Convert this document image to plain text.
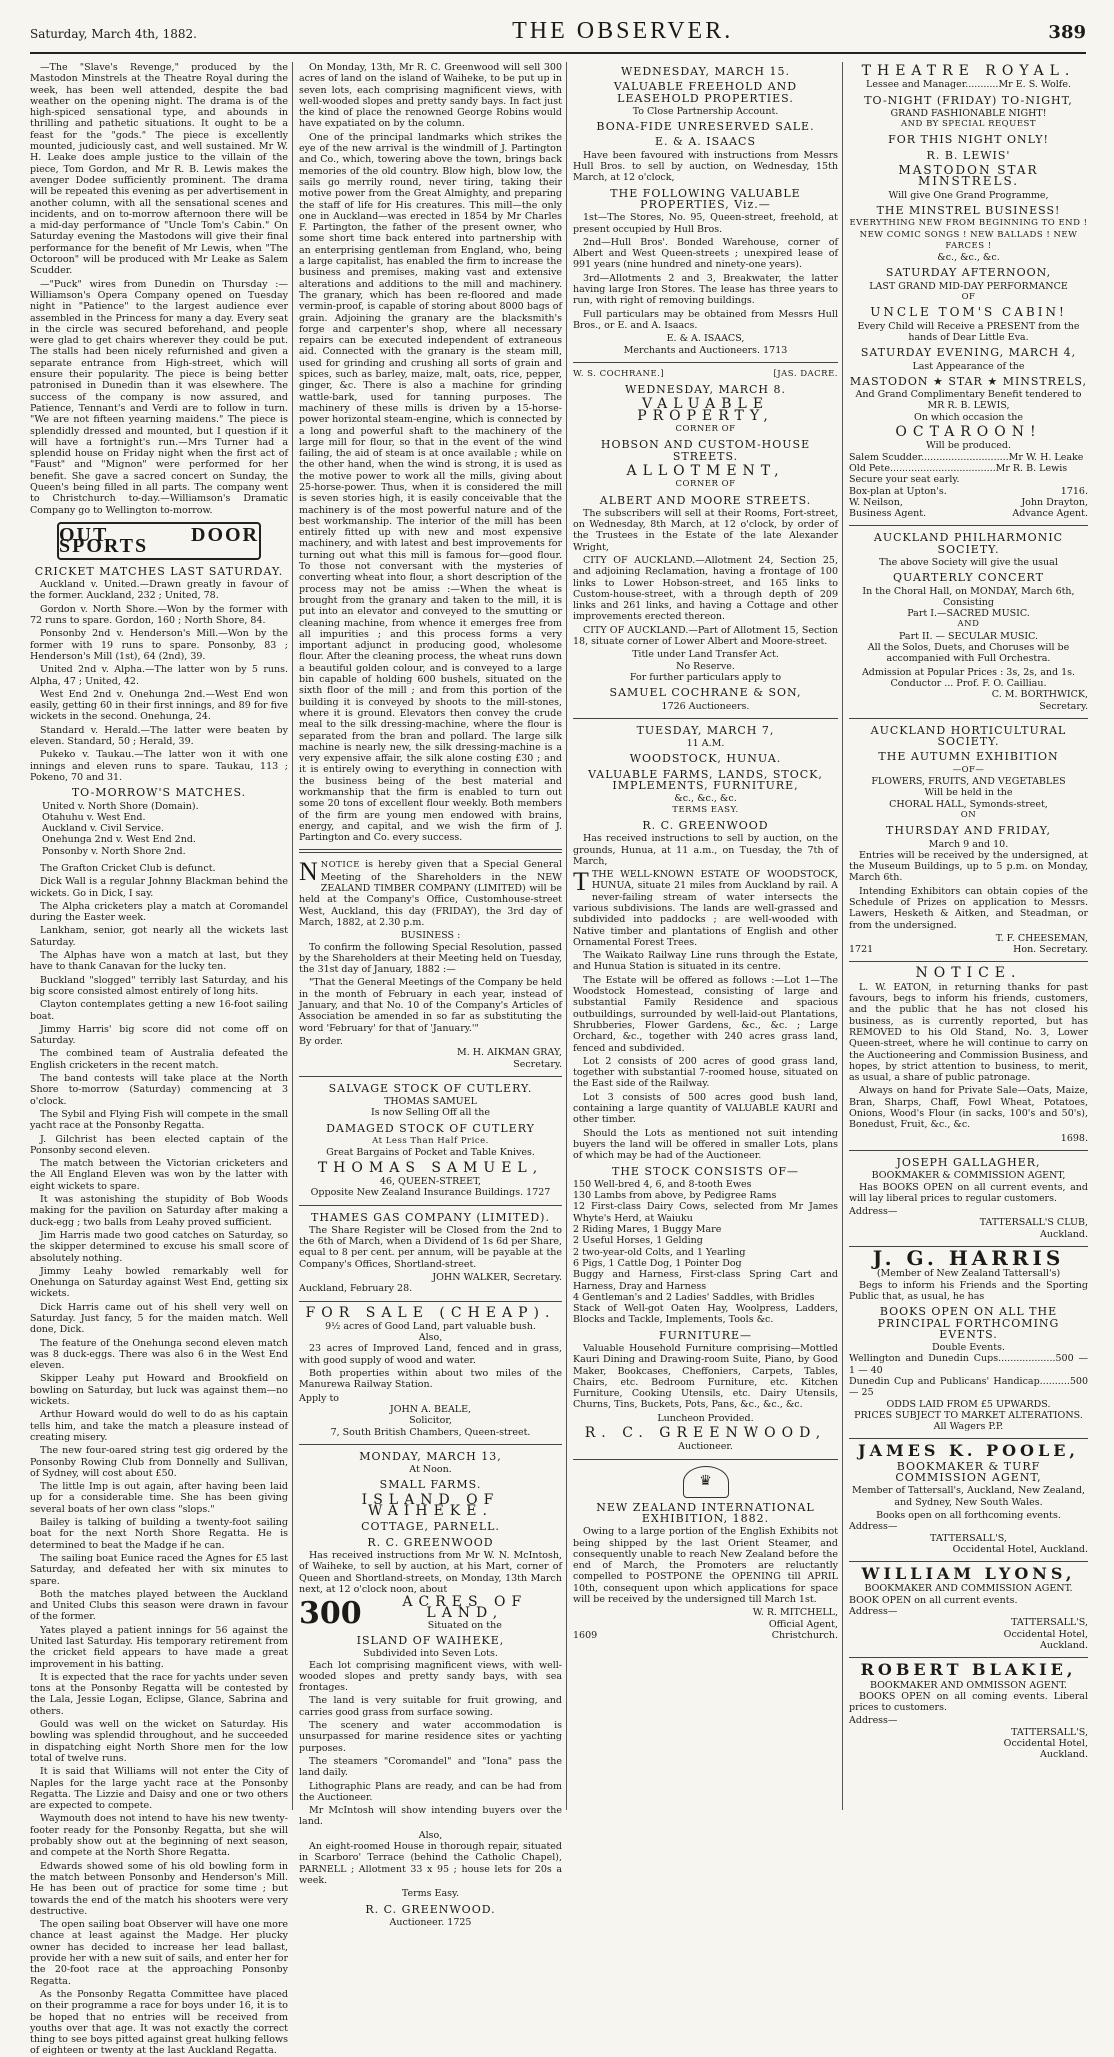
Saturday, March 4th, 1882.	THE OBSERVER.	389

—The "Slave's Revenge," produced by the Mastodon Minstrels at the Theatre Royal during the week, has been well attended, despite the bad weather on the opening night. The drama is of the high-spiced sensational type, and abounds in thrilling and pathetic situations. It ought to be a feast for the "gods." The piece is excellently mounted, judiciously cast, and well sustained. Mr W. H. Leake does ample justice to the villain of the piece, Tom Gordon, and Mr R. B. Lewis makes the avenger Dodee sufficiently prominent. The drama will be repeated this evening as per advertisement in another column, with all the sensational scenes and incidents, and on to-morrow afternoon there will be a mid-day performance of "Uncle Tom's Cabin." On Saturday evening the Mastodons will give their final performance for the benefit of Mr Lewis, when "The Octoroon" will be produced with Mr Leake as Salem Scudder.

—"Puck" wires from Dunedin on Thursday :—Williamson's Opera Company opened on Tuesday night in "Patience" to the largest audience ever assembled in the Princess for many a day. Every seat in the circle was secured beforehand, and people were glad to get chairs wherever they could be put. The stalls had been nicely refurnished and given a separate entrance from High-street, which will ensure their popularity. The piece is being better patronised in Dunedin than it was elsewhere. The success of the company is now assured, and Patience, Tennant's and Verdi are to follow in turn. "We are not fifteen yearning maidens." The piece is splendidly dressed and mounted, but I question if it will have a fortnight's run.—Mrs Turner had a splendid house on Friday night when the first act of "Faust" and "Mignon" were performed for her benefit. She gave a sacred concert on Sunday, the Queen's being filled in all parts. The company went to Christchurch to-day.—Williamson's Dramatic Company go to Wellington to-morrow.

OUT DOOR SPORTS
CRICKET MATCHES LAST SATURDAY.

Auckland v. United.—Drawn greatly in favour of the former. Auckland, 232 ; United, 78.

Gordon v. North Shore.—Won by the former with 72 runs to spare. Gordon, 160 ; North Shore, 84.

Ponsonby 2nd v. Henderson's Mill.—Won by the former with 19 runs to spare. Ponsonby, 83 ; Henderson's Mill (1st), 64 (2nd), 39.

United 2nd v. Alpha.—The latter won by 5 runs. Alpha, 47 ; United, 42.

West End 2nd v. Onehunga 2nd.—West End won easily, getting 60 in their first innings, and 89 for five wickets in the second. Onehunga, 24.

Standard v. Herald.—The latter were beaten by eleven. Standard, 50 ; Herald, 39.

Pukeko v. Taukau.—The latter won it with one innings and eleven runs to spare. Taukau, 113 ; Pokeno, 70 and 31.

TO-MORROW'S MATCHES.
United v. North Shore (Domain).
Otahuhu v. West End.
Auckland v. Civil Service.
Onehunga 2nd v. West End 2nd.
Ponsonby v. North Shore 2nd.

The Grafton Cricket Club is defunct.

Dick Wall is a regular Johnny Blackman behind the wickets. Go in Dick, I say.

The Alpha cricketers play a match at Coromandel during the Easter week.

Lankham, senior, got nearly all the wickets last Saturday.

The Alphas have won a match at last, but they have to thank Canavan for the lucky ten.

Buckland "slogged" terribly last Saturday, and his big score consisted almost entirely of long hits.

Clayton contemplates getting a new 16-foot sailing boat.

Jimmy Harris' big score did not come off on Saturday.

The combined team of Australia defeated the English cricketers in the recent match.

The band contests will take place at the North Shore to-morrow (Saturday) commencing at 3 o'clock.

The Sybil and Flying Fish will compete in the small yacht race at the Ponsonby Regatta.

J. Gilchrist has been elected captain of the Ponsonby second eleven.

The match between the Victorian cricketers and the All England Eleven was won by the latter with eight wickets to spare.

It was astonishing the stupidity of Bob Woods making for the pavilion on Saturday after making a duck-egg ; two balls from Leahy proved sufficient.

Jim Harris made two good catches on Saturday, so the skipper determined to excuse his small score of absolutely nothing.

Jimmy Leahy bowled remarkably well for Onehunga on Saturday against West End, getting six wickets.

Dick Harris came out of his shell very well on Saturday. Just fancy, 5 for the maiden match. Well done, Dick.

The feature of the Onehunga second eleven match was 8 duck-eggs. There was also 6 in the West End eleven.

Skipper Leahy put Howard and Brookfield on bowling on Saturday, but luck was against them—no wickets.

Arthur Howard would do well to do as his captain tells him, and take the match a pleasure instead of creating misery.

The new four-oared string test gig ordered by the Ponsonby Rowing Club from Donnelly and Sullivan, of Sydney, will cost about £50.

The little Imp is out again, after having been laid up for a considerable time. She has been giving several boats of her own class "slops."

Bailey is talking of building a twenty-foot sailing boat for the next North Shore Regatta. He is determined to beat the Madge if he can.

The sailing boat Eunice raced the Agnes for £5 last Saturday, and defeated her with six minutes to spare.

Both the matches played between the Auckland and United Clubs this season were drawn in favour of the former.

Yates played a patient innings for 56 against the United last Saturday. His temporary retirement from the cricket field appears to have made a great improvement in his batting.

It is expected that the race for yachts under seven tons at the Ponsonby Regatta will be contested by the Lala, Jessie Logan, Eclipse, Glance, Sabrina and others.

Gould was well on the wicket on Saturday. His bowling was splendid throughout, and he succeeded in dispatching eight North Shore men for the low total of twelve runs.

It is said that Williams will not enter the City of Naples for the large yacht race at the Ponsonby Regatta. The Lizzie and Daisy and one or two others are expected to compete.

Waymouth does not intend to have his new twenty-footer ready for the Ponsonby Regatta, but she will probably show out at the beginning of next season, and compete at the North Shore Regatta.

Edwards showed some of his old bowling form in the match between Ponsonby and Henderson's Mill. He has been out of practice for some time ; but towards the end of the match his shooters were very destructive.

The open sailing boat Observer will have one more chance at least against the Madge. Her plucky owner has decided to increase her lead ballast, provide her with a new suit of sails, and enter her for the 20-foot race at the approaching Ponsonby Regatta.

As the Ponsonby Regatta Committee have placed on their programme a race for boys under 16, it is to be hoped that no entries will be received from youths over that age. It was not exactly the correct thing to see boys pitted against great hulking fellows of eighteen or twenty at the last Auckland Regatta.

On Monday, 13th, Mr R. C. Greenwood will sell 300 acres of land on the island of Waiheke, to be put up in seven lots, each comprising magnificent views, with well-wooded slopes and pretty sandy bays. In fact just the kind of place the renowned George Robins would have expatiated on by the column.

One of the principal landmarks which strikes the eye of the new arrival is the windmill of J. Partington and Co., which, towering above the town, brings back memories of the old country. Blow high, blow low, the sails go merrily round, never tiring, taking their motive power from the Great Almighty, and preparing the staff of life for His creatures. This mill—the only one in Auckland—was erected in 1854 by Mr Charles F. Partington, the father of the present owner, who some short time back entered into partnership with an enterprising gentleman from England, who, being a large capitalist, has enabled the firm to increase the business and premises, making vast and extensive alterations and additions to the mill and machinery. The granary, which has been re-floored and made vermin-proof, is capable of storing about 8000 bags of grain. Adjoining the granary are the blacksmith's forge and carpenter's shop, where all necessary repairs can be executed independent of extraneous aid. Connected with the granary is the steam mill, used for grinding and crushing all sorts of grain and spices, such as barley, maize, malt, oats, rice, pepper, ginger, &c. There is also a machine for grinding wattle-bark, used for tanning purposes. The machinery of these mills is driven by a 15-horse-power horizontal steam-engine, which is connected by a long and powerful shaft to the machinery of the large mill for flour, so that in the event of the wind failing, the aid of steam is at once available ; while on the other hand, when the wind is strong, it is used as the motive power to work all the mills, giving about 25-horse-power. Thus, when it is considered the mill is seven stories high, it is easily conceivable that the machinery is of the most powerful nature and of the best workmanship. The interior of the mill has been entirely fitted up with new and most expensive machinery, and with latest and best improvements for turning out what this mill is famous for—good flour. To those not conversant with the mysteries of converting wheat into flour, a short description of the process may not be amiss :—When the wheat is brought from the granary and taken to the mill, it is put into an elevator and conveyed to the smutting or cleaning machine, from whence it emerges free from all impurities ; and this process forms a very important adjunct in producing good, wholesome flour. After the cleaning process, the wheat runs down a beautiful golden colour, and is conveyed to a large bin capable of holding 600 bushels, situated on the sixth floor of the mill ; and from this portion of the building it is conveyed by shoots to the mill-stones, where it is ground. Elevators then convey the crude meal to the silk dressing-machine, where the flour is separated from the bran and pollard. The large silk machine is nearly new, the silk dressing-machine is a very expensive affair, the silk alone costing £30 ; and it is entirely owing to everything in connection with the business being of the best material and workmanship that the firm is enabled to turn out some 20 tons of excellent flour weekly. Both members of the firm are young men endowed with brains, energy, and capital, and we wish the firm of J. Partington and Co. every success.

NNOTICE is hereby given that a Special General Meeting of the Shareholders in the NEW ZEALAND TIMBER COMPANY (LIMITED) will be held at the Company's Office, Customhouse-street West, Auckland, this day (FRIDAY), the 3rd day of March, 1882, at 2.30 p.m.

BUSINESS :

To confirm the following Special Resolution, passed by the Shareholders at their Meeting held on Tuesday, the 31st day of January, 1882 :—

"That the General Meetings of the Company be held in the month of February in each year, instead of January, and that No. 10 of the Company's Articles of Association be amended in so far as substituting the word 'February' for that of 'January.'"

By order.
M. H. AIKMAN GRAY,
Secretary.
SALVAGE STOCK OF CUTLERY.
THOMAS SAMUEL
Is now Selling Off all the
DAMAGED STOCK OF CUTLERY
At Less Than Half Price.
Great Bargains of Pocket and Table Knives.
THOMAS SAMUEL,
46, QUEEN-STREET,
Opposite New Zealand Insurance Buildings. 1727
THAMES GAS COMPANY (LIMITED).

The Share Register will be Closed from the 2nd to the 6th of March, when a Dividend of 1s 6d per Share, equal to 8 per cent. per annum, will be payable at the Company's Offices, Shortland-street.

JOHN WALKER, Secretary.
Auckland, February 28.
FOR SALE (CHEAP).
9½ acres of Good Land, part valuable bush.
Also,

23 acres of Improved Land, fenced and in grass, with good supply of wood and water.

Both properties within about two miles of the Manurewa Railway Station.

Apply to
JOHN A. BEALE,
Solicitor,
7, South British Chambers, Queen-street.
MONDAY, MARCH 13,
At Noon.
SMALL FARMS.
ISLAND OF WAIHEKE.
COTTAGE, PARNELL.
R. C. GREENWOOD

Has received instructions from Mr W. N. McIntosh, of Waiheke, to sell by auction, at his Mart, corner of Queen and Shortland-streets, on Monday, 13th March next, at 12 o'clock noon, about

300	ACRES OF LAND,
Situated on the
ISLAND OF WAIHEKE,
Subdivided into Seven Lots.

Each lot comprising magnificent views, with well-wooded slopes and pretty sandy bays, with sea frontages.

The land is very suitable for fruit growing, and carries good grass from surface sowing.

The scenery and water accommodation is unsurpassed for marine residence sites or yachting purposes.

The steamers "Coromandel" and "Iona" pass the land daily.

Lithographic Plans are ready, and can be had from the Auctioneer.

Mr McIntosh will show intending buyers over the land.

Also,

An eight-roomed House in thorough repair, situated in Scarboro' Terrace (behind the Catholic Chapel), PARNELL ; Allotment 33 x 95 ; house lets for 20s a week.

Terms Easy.
R. C. GREENWOOD.
Auctioneer. 1725
WEDNESDAY, MARCH 15.
VALUABLE FREEHOLD AND LEASEHOLD PROPERTIES.
To Close Partnership Account.
BONA-FIDE UNRESERVED SALE.
E. & A. ISAACS

Have been favoured with instructions from Messrs Hull Bros. to sell by auction, on Wednesday, 15th March, at 12 o'clock,

THE FOLLOWING VALUABLE PROPERTIES, Viz.—

1st—The Stores, No. 95, Queen-street, freehold, at present occupied by Hull Bros.

2nd—Hull Bros'. Bonded Warehouse, corner of Albert and West Queen-streets ; unexpired lease of 991 years (nine hundred and ninety-one years).

3rd—Allotments 2 and 3, Breakwater, the latter having large Iron Stores. The lease has three years to run, with right of removing buildings.

Full particulars may be obtained from Messrs Hull Bros., or E. and A. Isaacs.

E. & A. ISAACS,
Merchants and Auctioneers. 1713
W. S. COCHRANE.]	[JAS. DACRE.
WEDNESDAY, MARCH 8.
VALUABLE PROPERTY,
CORNER OF
HOBSON AND CUSTOM-HOUSE STREETS.
ALLOTMENT,
CORNER OF
ALBERT AND MOORE STREETS.

The subscribers will sell at their Rooms, Fort-street, on Wednesday, 8th March, at 12 o'clock, by order of the Trustees in the Estate of the late Alexander Wright,

CITY OF AUCKLAND.—Allotment 24, Section 25, and adjoining Reclamation, having a frontage of 100 links to Lower Hobson-street, and 165 links to Custom-house-street, with a through depth of 209 links and 261 links, and having a Cottage and other improvements erected thereon.

CITY OF AUCKLAND.—Part of Allotment 15, Section 18, situate corner of Lower Albert and Moore-street.

Title under Land Transfer Act.
No Reserve.
For further particulars apply to
SAMUEL COCHRANE & SON,
1726 Auctioneers.
TUESDAY, MARCH 7,
11 A.M.
WOODSTOCK, HUNUA.
VALUABLE FARMS, LANDS, STOCK, IMPLEMENTS, FURNITURE,
&c., &c., &c.
TERMS EASY.
R. C. GREENWOOD

Has received instructions to sell by auction, on the grounds, Hunua, at 11 a.m., on Tuesday, the 7th of March,

TTHE WELL-KNOWN ESTATE OF WOODSTOCK, HUNUA, situate 21 miles from Auckland by rail. A never-failing stream of water intersects the various subdivisions. The lands are well-grassed and subdivided into paddocks ; are well-wooded with Native timber and plantations of English and other Ornamental Forest Trees.

The Waikato Railway Line runs through the Estate, and Hunua Station is situated in its centre.

The Estate will be offered as follows :—Lot 1—The Woodstock Homestead, consisting of large and substantial Family Residence and spacious outbuildings, surrounded by well-laid-out Plantations, Shrubberies, Flower Gardens, &c., &c. ; Large Orchard, &c., together with 240 acres grass land, fenced and subdivided.

Lot 2 consists of 200 acres of good grass land, together with substantial 7-roomed house, situated on the East side of the Railway.

Lot 3 consists of 500 acres good bush land, containing a large quantity of VALUABLE KAURI and other timber.

Should the Lots as mentioned not suit intending buyers the land will be offered in smaller Lots, plans of which may be had of the Auctioneer.

THE STOCK CONSISTS OF—
150 Well-bred 4, 6, and 8-tooth Ewes
130 Lambs from above, by Pedigree Rams
12 First-class Dairy Cows, selected from Mr James Whyte's Herd, at Waiuku
2 Riding Mares, 1 Buggy Mare
2 Useful Horses, 1 Gelding
2 two-year-old Colts, and 1 Yearling
6 Pigs, 1 Cattle Dog, 1 Pointer Dog
Buggy and Harness, First-class Spring Cart and Harness, Dray and Harness
4 Gentleman's and 2 Ladies' Saddles, with Bridles
Stack of Well-got Oaten Hay, Woolpress, Ladders, Blocks and Tackle, Implements, Tools &c.
FURNITURE—

Valuable Household Furniture comprising—Mottled Kauri Dining and Drawing-room Suite, Piano, by Good Maker, Bookcases, Cheffoniers, Carpets, Tables, Chairs, etc. Bedroom Furniture, etc. Kitchen Furniture, Cooking Utensils, etc. Dairy Utensils, Churns, Tins, Buckets, Pots, Pans, &c., &c., &c.

Luncheon Provided.
R. C. GREENWOOD,
Auctioneer.
♛
NEW ZEALAND INTERNATIONAL EXHIBITION, 1882.

Owing to a large portion of the English Exhibits not being shipped by the last Orient Steamer, and consequently unable to reach New Zealand before the end of March, the Promoters are reluctantly compelled to POSTPONE the OPENING till APRIL 10th, consequent upon which applications for space will be received by the undersigned till March 1st.

W. R. MITCHELL,
Official Agent,
1609	Christchurch.
THEATRE ROYAL.
Lessee and Manager...........Mr E. S. Wolfe.
TO-NIGHT (FRIDAY) TO-NIGHT,
GRAND FASHIONABLE NIGHT!
AND BY SPECIAL REQUEST
FOR THIS NIGHT ONLY!
R. B. LEWIS'
MASTODON STAR MINSTRELS.
Will give One Grand Programme,
THE MINSTREL BUSINESS!
EVERYTHING NEW FROM BEGINNING TO END !
NEW COMIC SONGS ! NEW BALLADS ! NEW FARCES !
&c., &c., &c.
SATURDAY AFTERNOON,
LAST GRAND MID-DAY PERFORMANCE
OF
UNCLE TOM'S CABIN!

Every Child will Receive a PRESENT from the hands of Dear Little Eva.

SATURDAY EVENING, MARCH 4,
Last Appearance of the
MASTODON ★ STAR ★ MINSTRELS,
And Grand Complimentary Benefit tendered to
MR R. B. LEWIS,
On which occasion the
OCTAROON!
Will be produced.
Salem Scudder.............................Mr W. H. Leake
Old Pete...................................Mr R. B. Lewis
Secure your seat early.
Box-plan at Upton's.	1716.
W. Neilson,	John Drayton,
Business Agent.	Advance Agent.
AUCKLAND PHILHARMONIC SOCIETY.
The above Society will give the usual
QUARTERLY CONCERT
In the Choral Hall, on MONDAY, March 6th,
Consisting
Part I.—SACRED MUSIC.
AND
Part II. — SECULAR MUSIC.

All the Solos, Duets, and Choruses will be accompanied with Full Orchestra.

Admission at Popular Prices : 3s, 2s, and 1s.
Conductor ... Prof. F. O. Cailliau.
C. M. BORTHWICK,
Secretary.
AUCKLAND HORTICULTURAL SOCIETY.
THE AUTUMN EXHIBITION
—OF—
FLOWERS, FRUITS, AND VEGETABLES
Will be held in the
CHORAL HALL, Symonds-street,
ON
THURSDAY AND FRIDAY,
March 9 and 10.

Entries will be received by the undersigned, at the Museum Buildings, up to 5 p.m. on Monday, March 6th.

Intending Exhibitors can obtain copies of the Schedule of Prizes on application to Messrs. Lawers, Hesketh & Aitken, and Steadman, or from the undersigned.

T. F. CHEESEMAN,
1721	Hon. Secretary.
NOTICE.

L. W. EATON, in returning thanks for past favours, begs to inform his friends, customers, and the public that he has not closed his business, as is currently reported, but has REMOVED to his Old Stand, No. 3, Lower Queen-street, where he will continue to carry on the Auctioneering and Commission Business, and hopes, by strict attention to business, to merit, as usual, a share of public patronage.

Always on hand for Private Sale—Oats, Maize, Bran, Sharps, Chaff, Fowl Wheat, Potatoes, Onions, Wood's Flour (in sacks, 100's and 50's), Bonedust, Fruit, &c., &c.

1698.
JOSEPH GALLAGHER,
BOOKMAKER & COMMISSION AGENT,

Has BOOKS OPEN on all current events, and will lay liberal prices to regular customers.

Address—
TATTERSALL'S CLUB,
Auckland.
J. G. HARRIS
(Member of New Zealand Tattersall's)

Begs to inform his Friends and the Sporting Public that, as usual, he has

BOOKS OPEN ON ALL THE PRINCIPAL FORTHCOMING EVENTS.
Double Events.
Wellington and Dunedin Cups...................500 — 1 — 40
Dunedin Cup and Publicans' Handicap..........500 — 25
ODDS LAID FROM £5 UPWARDS.
PRICES SUBJECT TO MARKET ALTERATIONS.
All Wagers P.P.
JAMES K. POOLE,
BOOKMAKER & TURF COMMISSION AGENT,

Member of Tattersall's, Auckland, New Zealand, and Sydney, New South Wales.

Books open on all forthcoming events.
Address—
TATTERSALL'S,
Occidental Hotel, Auckland.
WILLIAM LYONS,
BOOKMAKER AND COMMISSION AGENT.
BOOK OPEN on all current events.
Address—
TATTERSALL'S,
Occidental Hotel,
Auckland.
ROBERT BLAKIE,
BOOKMAKER AND OMMISSON AGENT.

BOOKS OPEN on all coming events. Liberal prices to customers.

Address—
TATTERSALL'S,
Occidental Hotel,
Auckland.
